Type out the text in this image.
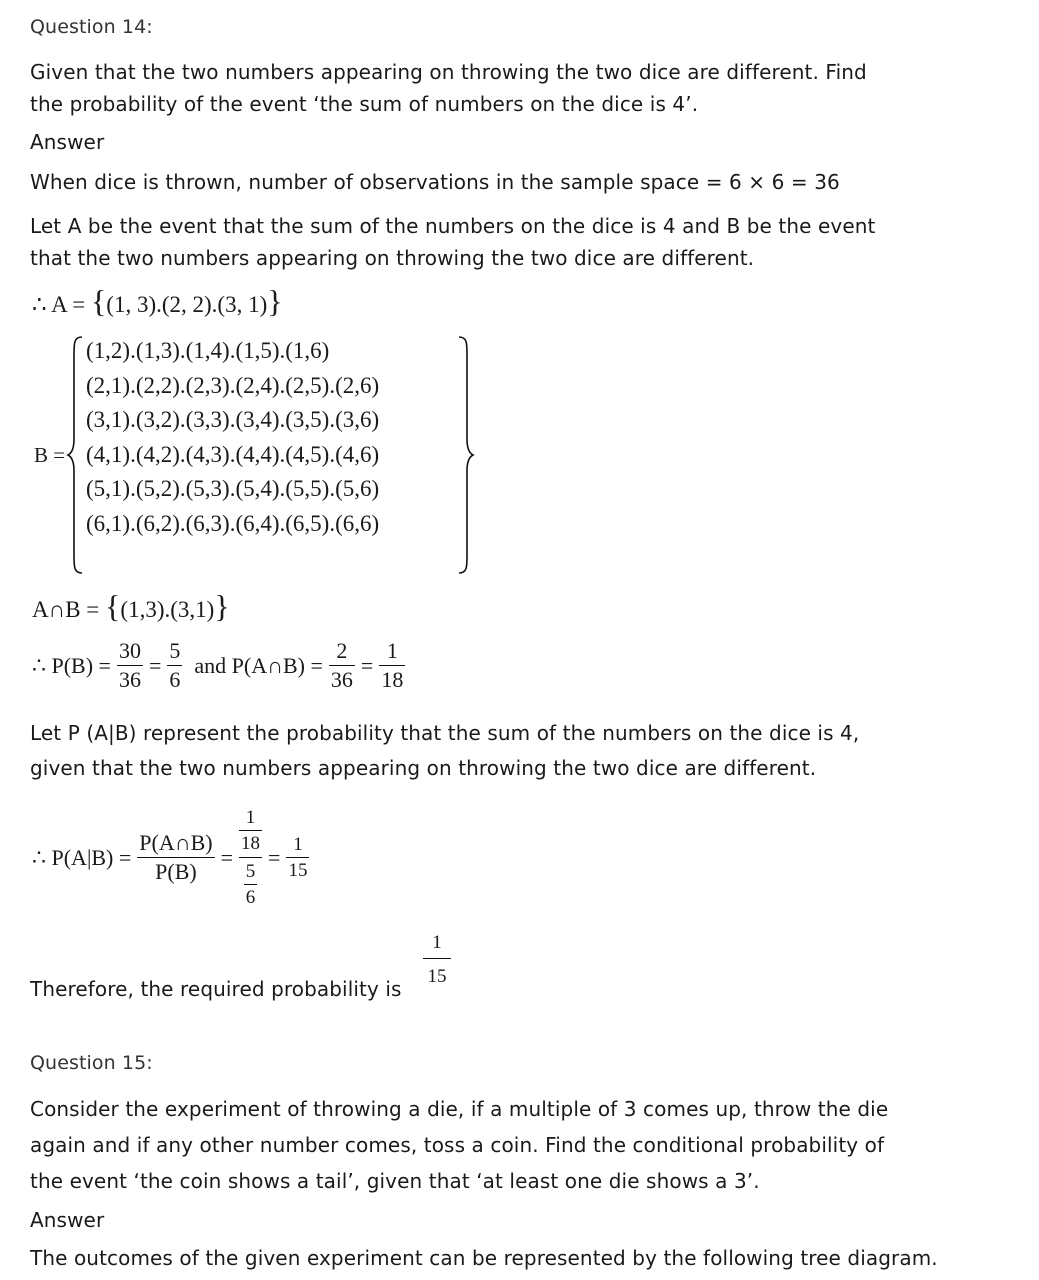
Question 14:
Given that the two numbers appearing on throwing the two dice are different. Find
the probability of the event ‘the sum of numbers on the dice is 4’.
Answer
When dice is thrown, number of observations in the sample space = 6 × 6 = 36
Let A be the event that the sum of the numbers on the dice is 4 and B be the event
that the two numbers appearing on throwing the two dice are different.
∴ A = {(1, 3).(2, 2).(3, 1)}
B =
(1,2).(1,3).(1,4).(1,5).(1,6)
(2,1).(2,2).(2,3).(2,4).(2,5).(2,6)
(3,1).(3,2).(3,3).(3,4).(3,5).(3,6)
(4,1).(4,2).(4,3).(4,4).(4,5).(4,6)
(5,1).(5,2).(5,3).(5,4).(5,5).(5,6)
(6,1).(6,2).(6,3).(6,4).(6,5).(6,6)
A∩B = {(1,3).(3,1)}
∴ $P(B) = \frac{30}{36} = \frac{5}{6}$ and P(A∩B) = $\frac{2}{36} = \frac{1}{18}$
Let P (A|B) represent the probability that the sum of the numbers on the dice is 4,
given that the two numbers appearing on throwing the two dice are different.
∴ $P(A|B) = \frac{P(A\cap B)}{P(B)} = \frac{\frac{1}{18}}{\frac{5}{6}} = \frac{1}{15}$
Therefore, the required probability is
1
15
Question 15:
Consider the experiment of throwing a die, if a multiple of 3 comes up, throw the die
again and if any other number comes, toss a coin. Find the conditional probability of
the event ‘the coin shows a tail’, given that ‘at least one die shows a 3’.
Answer
The outcomes of the given experiment can be represented by the following tree diagram.
